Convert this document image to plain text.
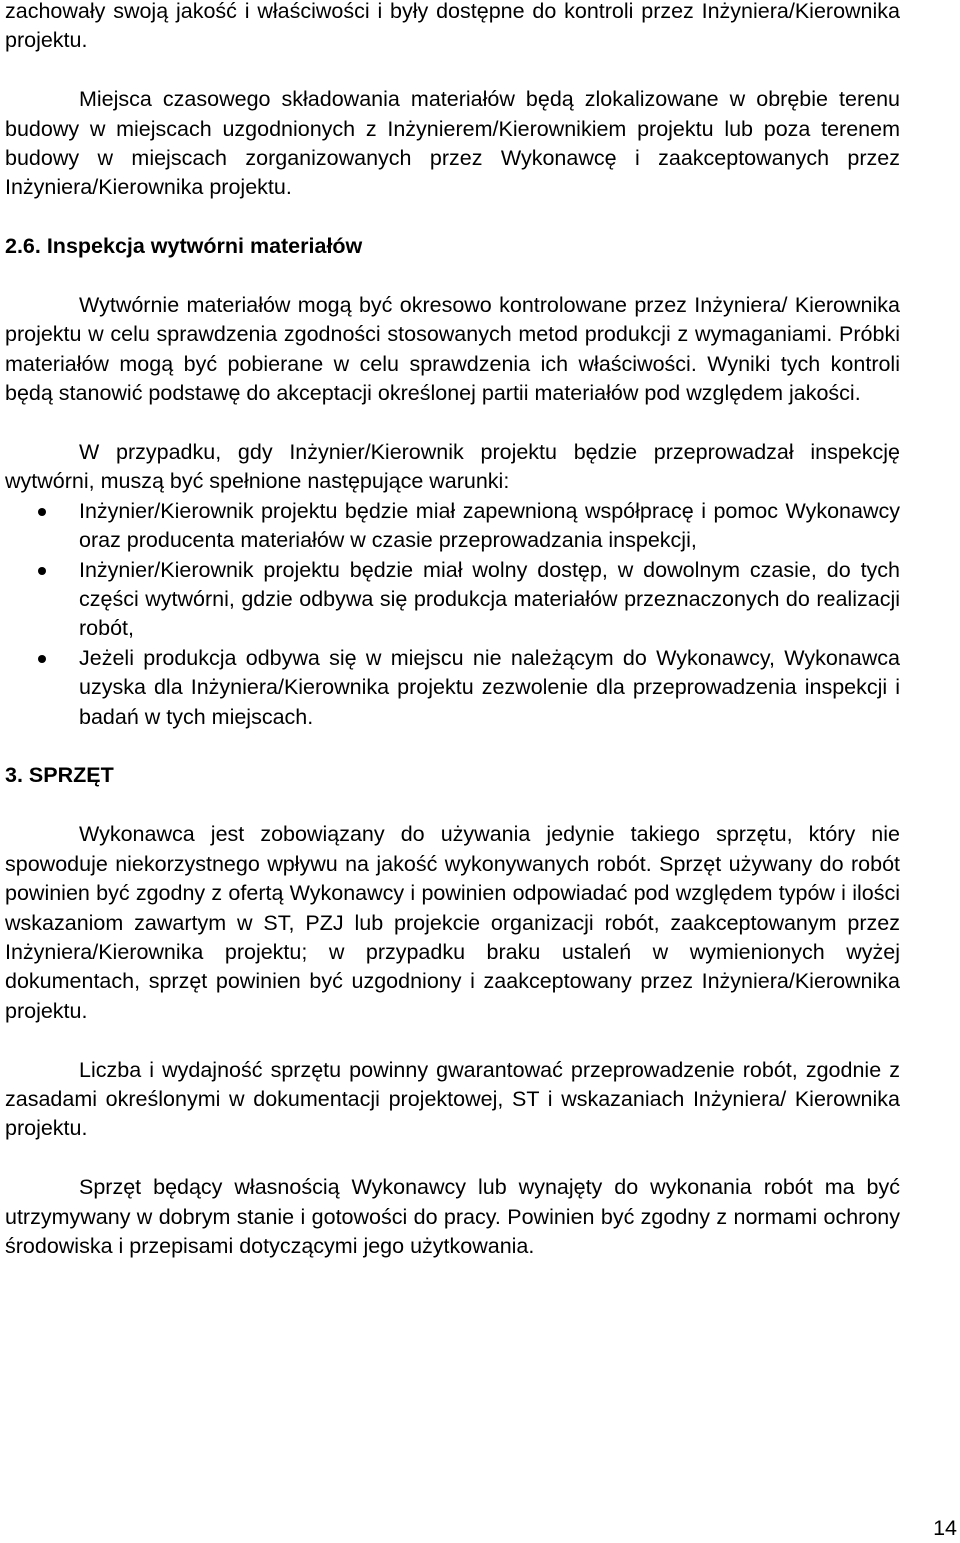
zachowały swoją jakość i właściwości i były dostępne do kontroli przez Inżyniera/Kierownika projektu.

Miejsca czasowego składowania materiałów będą zlokalizowane w obrębie terenu budowy w miejscach uzgodnionych z Inżynierem/Kierownikiem projektu lub poza terenem budowy w miejscach zorganizowanych przez Wykonawcę i zaakceptowanych przez Inżyniera/Kierownika projektu.

2.6. Inspekcja wytwórni materiałów

Wytwórnie materiałów mogą być okresowo kontrolowane przez Inżyniera/ Kierownika projektu w celu sprawdzenia zgodności stosowanych metod produkcji z wymaganiami. Próbki materiałów mogą być pobierane w celu sprawdzenia ich właściwości. Wyniki tych kontroli będą stanowić podstawę do akceptacji określonej partii materiałów pod względem jakości.

W przypadku, gdy Inżynier/Kierownik projektu będzie przeprowadzał inspekcję wytwórni, muszą być spełnione następujące warunki:

Inżynier/Kierownik projektu będzie miał zapewnioną współpracę i pomoc Wykonawcy oraz producenta materiałów w czasie przeprowadzania inspekcji,
Inżynier/Kierownik projektu będzie miał wolny dostęp, w dowolnym czasie, do tych części wytwórni, gdzie odbywa się produkcja materiałów przeznaczonych do realizacji robót,
Jeżeli produkcja odbywa się w miejscu nie należącym do Wykonawcy, Wykonawca uzyska dla Inżyniera/Kierownika projektu zezwolenie dla przeprowadzenia inspekcji i badań w tych miejscach.

3. SPRZĘT

Wykonawca jest zobowiązany do używania jedynie takiego sprzętu, który nie spowoduje niekorzystnego wpływu na jakość wykonywanych robót. Sprzęt używany do robót powinien być zgodny z ofertą Wykonawcy i powinien odpowiadać pod względem typów i ilości wskazaniom zawartym w ST, PZJ lub projekcie organizacji robót, zaakceptowanym przez Inżyniera/Kierownika projektu; w przypadku braku ustaleń w wymienionych wyżej dokumentach, sprzęt powinien być uzgodniony i zaakceptowany przez Inżyniera/Kierownika projektu.

Liczba i wydajność sprzętu powinny gwarantować przeprowadzenie robót, zgodnie z zasadami określonymi w dokumentacji projektowej, ST i wskazaniach Inżyniera/ Kierownika projektu.

Sprzęt będący własnością Wykonawcy lub wynajęty do wykonania robót ma być utrzymywany w dobrym stanie i gotowości do pracy. Powinien być zgodny z normami ochrony środowiska i przepisami dotyczącymi jego użytkowania.

14
